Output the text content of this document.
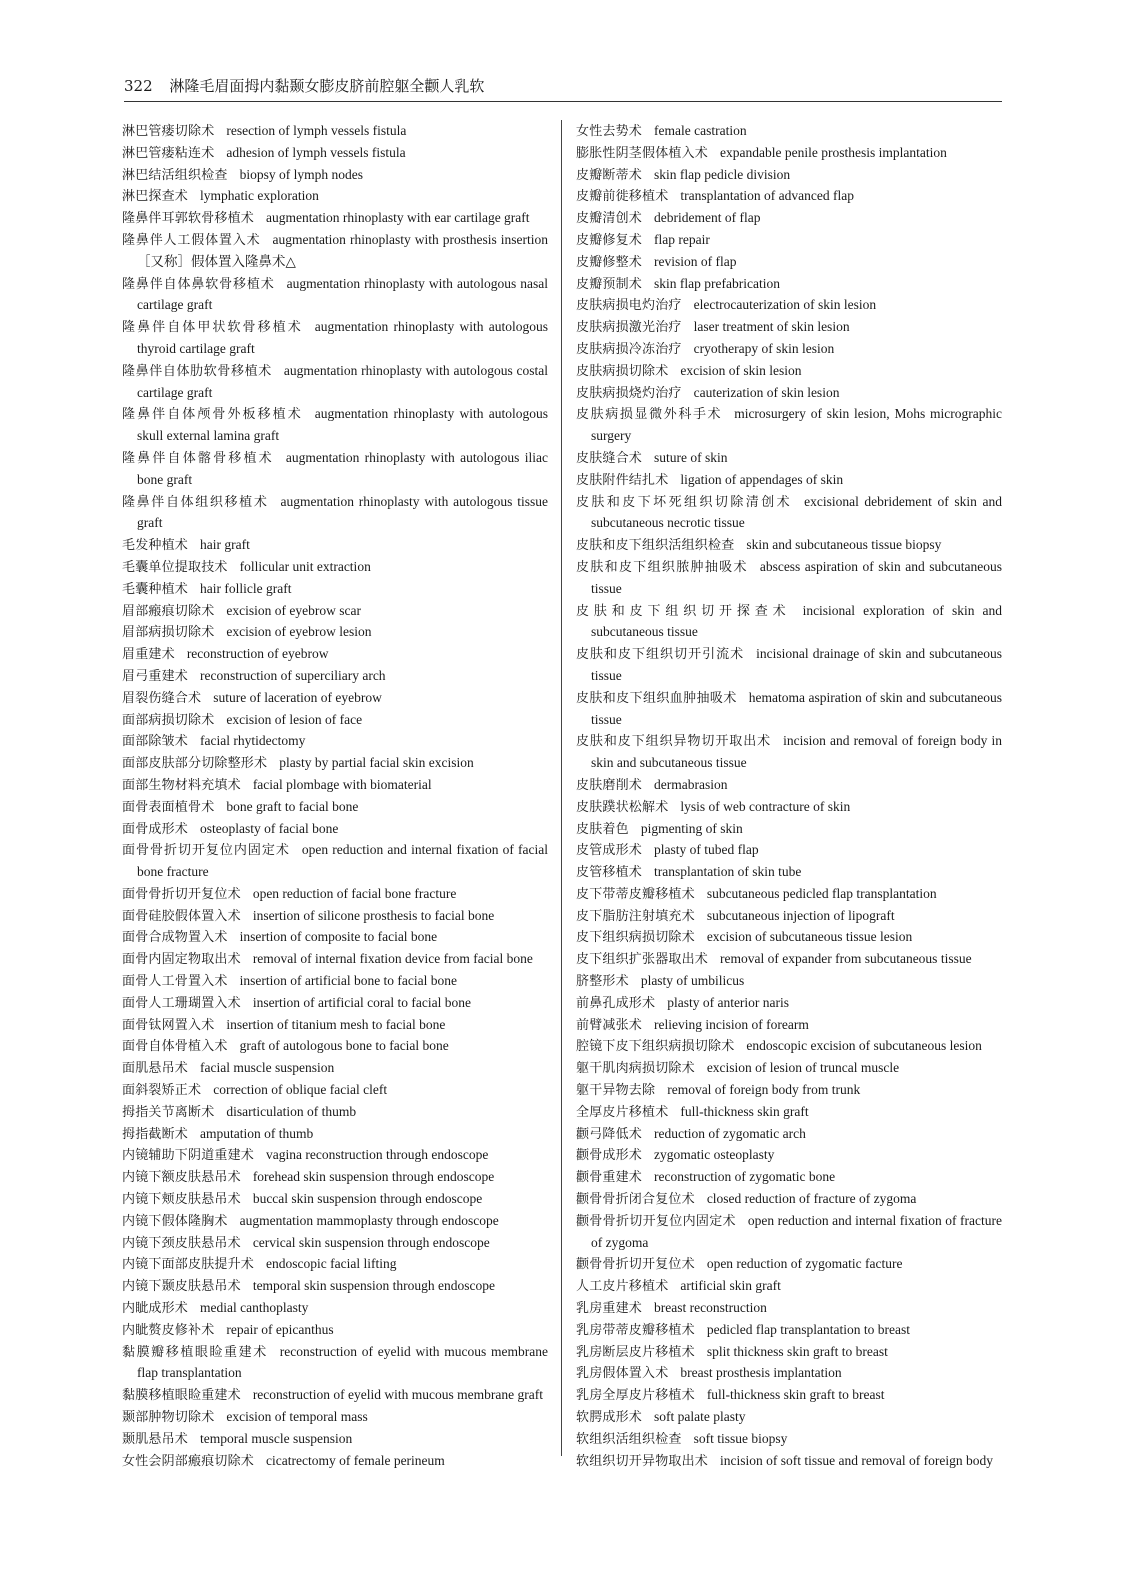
322 淋隆毛眉面拇内黏颞女膨皮脐前腔躯全颧人乳软
淋巴管瘘切除术 resection of lymph vessels fistula
淋巴管瘘粘连术 adhesion of lymph vessels fistula
淋巴结活组织检查 biopsy of lymph nodes
淋巴探查术 lymphatic exploration
隆鼻伴耳郭软骨移植术 augmentation rhinoplasty with ear cartilage graft
隆鼻伴人工假体置入术 augmentation rhinoplasty with prosthesis insertion ［又称］假体置入隆鼻术△
隆鼻伴自体鼻软骨移植术 augmentation rhinoplasty with autologous nasal cartilage graft
隆鼻伴自体甲状软骨移植术 augmentation rhinoplasty with autologous thyroid cartilage graft
隆鼻伴自体肋软骨移植术 augmentation rhinoplasty with autologous costal cartilage graft
隆鼻伴自体颅骨外板移植术 augmentation rhinoplasty with autologous skull external lamina graft
隆鼻伴自体髂骨移植术 augmentation rhinoplasty with autologous iliac bone graft
隆鼻伴自体组织移植术 augmentation rhinoplasty with autologous tissue graft
毛发种植术 hair graft
毛囊单位提取技术 follicular unit extraction
毛囊种植术 hair follicle graft
眉部瘢痕切除术 excision of eyebrow scar
眉部病损切除术 excision of eyebrow lesion
眉重建术 reconstruction of eyebrow
眉弓重建术 reconstruction of superciliary arch
眉裂伤缝合术 suture of laceration of eyebrow
面部病损切除术 excision of lesion of face
面部除皱术 facial rhytidectomy
面部皮肤部分切除整形术 plasty by partial facial skin excision
面部生物材料充填术 facial plombage with biomaterial
面骨表面植骨术 bone graft to facial bone
面骨成形术 osteoplasty of facial bone
面骨骨折切开复位内固定术 open reduction and internal fixation of facial bone fracture
面骨骨折切开复位术 open reduction of facial bone fracture
面骨硅胶假体置入术 insertion of silicone prosthesis to facial bone
面骨合成物置入术 insertion of composite to facial bone
面骨内固定物取出术 removal of internal fixation device from facial bone
面骨人工骨置入术 insertion of artificial bone to facial bone
面骨人工珊瑚置入术 insertion of artificial coral to facial bone
面骨钛网置入术 insertion of titanium mesh to facial bone
面骨自体骨植入术 graft of autologous bone to facial bone
面肌悬吊术 facial muscle suspension
面斜裂矫正术 correction of oblique facial cleft
拇指关节离断术 disarticulation of thumb
拇指截断术 amputation of thumb
内镜辅助下阴道重建术 vagina reconstruction through endoscope
内镜下额皮肤悬吊术 forehead skin suspension through endoscope
内镜下颊皮肤悬吊术 buccal skin suspension through endoscope
内镜下假体隆胸术 augmentation mammoplasty through endoscope
内镜下颈皮肤悬吊术 cervical skin suspension through endoscope
内镜下面部皮肤提升术 endoscopic facial lifting
内镜下颞皮肤悬吊术 temporal skin suspension through endoscope
内眦成形术 medial canthoplasty
内眦赘皮修补术 repair of epicanthus
黏膜瓣移植眼睑重建术 reconstruction of eyelid with mucous membrane flap transplantation
黏膜移植眼睑重建术 reconstruction of eyelid with mucous membrane graft
颞部肿物切除术 excision of temporal mass
颞肌悬吊术 temporal muscle suspension
女性会阴部瘢痕切除术 cicatrectomy of female perineum
女性去势术 female castration
膨胀性阴茎假体植入术 expandable penile prosthesis implantation
皮瓣断蒂术 skin flap pedicle division
皮瓣前徙移植术 transplantation of advanced flap
皮瓣清创术 debridement of flap
皮瓣修复术 flap repair
皮瓣修整术 revision of flap
皮瓣预制术 skin flap prefabrication
皮肤病损电灼治疗 electrocauterization of skin lesion
皮肤病损激光治疗 laser treatment of skin lesion
皮肤病损冷冻治疗 cryotherapy of skin lesion
皮肤病损切除术 excision of skin lesion
皮肤病损烧灼治疗 cauterization of skin lesion
皮肤病损显微外科手术 microsurgery of skin lesion, Mohs micrographic surgery
皮肤缝合术 suture of skin
皮肤附件结扎术 ligation of appendages of skin
皮肤和皮下坏死组织切除清创术 excisional debridement of skin and subcutaneous necrotic tissue
皮肤和皮下组织活组织检查 skin and subcutaneous tissue biopsy
皮肤和皮下组织脓肿抽吸术 abscess aspiration of skin and subcutaneous tissue
皮肤和皮下组织切开探查术 incisional exploration of skin and subcutaneous tissue
皮肤和皮下组织切开引流术 incisional drainage of skin and subcutaneous tissue
皮肤和皮下组织血肿抽吸术 hematoma aspiration of skin and subcutaneous tissue
皮肤和皮下组织异物切开取出术 incision and removal of foreign body in skin and subcutaneous tissue
皮肤磨削术 dermabrasion
皮肤蹼状松解术 lysis of web contracture of skin
皮肤着色 pigmenting of skin
皮管成形术 plasty of tubed flap
皮管移植术 transplantation of skin tube
皮下带蒂皮瓣移植术 subcutaneous pedicled flap transplantation
皮下脂肪注射填充术 subcutaneous injection of lipograft
皮下组织病损切除术 excision of subcutaneous tissue lesion
皮下组织扩张器取出术 removal of expander from subcutaneous tissue
脐整形术 plasty of umbilicus
前鼻孔成形术 plasty of anterior naris
前臂减张术 relieving incision of forearm
腔镜下皮下组织病损切除术 endoscopic excision of subcutaneous lesion
躯干肌肉病损切除术 excision of lesion of truncal muscle
躯干异物去除 removal of foreign body from trunk
全厚皮片移植术 full-thickness skin graft
颧弓降低术 reduction of zygomatic arch
颧骨成形术 zygomatic osteoplasty
颧骨重建术 reconstruction of zygomatic bone
颧骨骨折闭合复位术 closed reduction of fracture of zygoma
颧骨骨折切开复位内固定术 open reduction and internal fixation of fracture of zygoma
颧骨骨折切开复位术 open reduction of zygomatic facture
人工皮片移植术 artificial skin graft
乳房重建术 breast reconstruction
乳房带蒂皮瓣移植术 pedicled flap transplantation to breast
乳房断层皮片移植术 split thickness skin graft to breast
乳房假体置入术 breast prosthesis implantation
乳房全厚皮片移植术 full-thickness skin graft to breast
软腭成形术 soft palate plasty
软组织活组织检查 soft tissue biopsy
软组织切开异物取出术 incision of soft tissue and removal of foreign body
